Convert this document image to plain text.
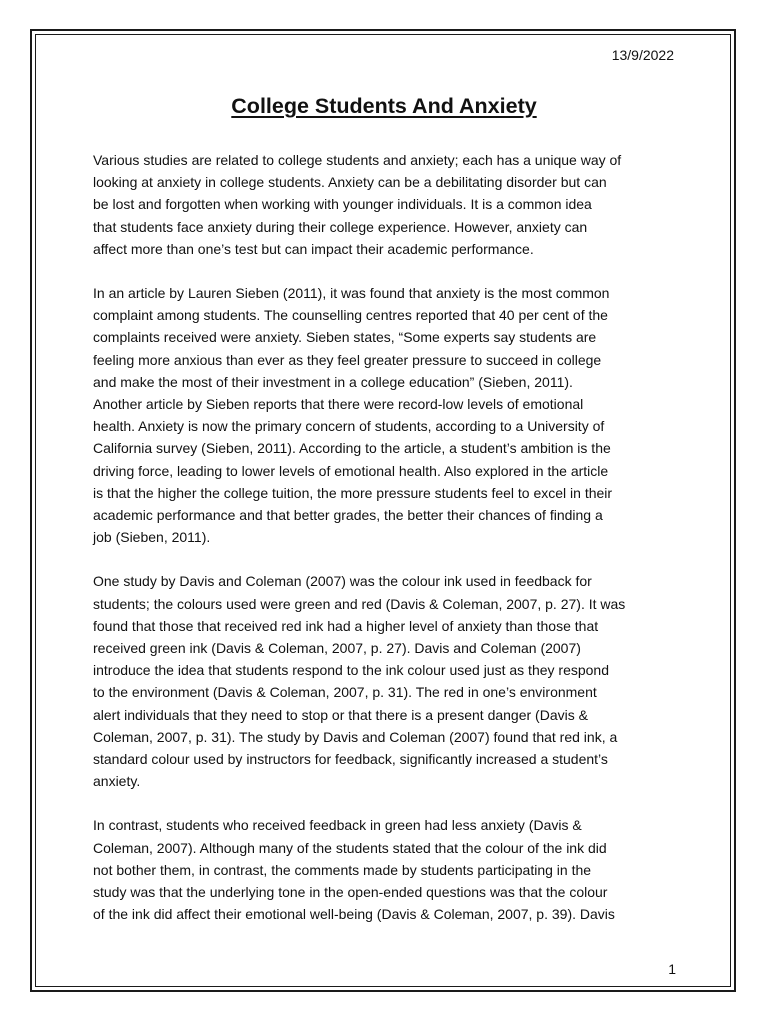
13/9/2022
College Students And Anxiety

Various studies are related to college students and anxiety; each has a unique way of
looking at anxiety in college students. Anxiety can be a debilitating disorder but can
be lost and forgotten when working with younger individuals. It is a common idea
that students face anxiety during their college experience. However, anxiety can
affect more than one’s test but can impact their academic performance.

In an article by Lauren Sieben (2011), it was found that anxiety is the most common
complaint among students. The counselling centres reported that 40 per cent of the
complaints received were anxiety. Sieben states, “Some experts say students are
feeling more anxious than ever as they feel greater pressure to succeed in college
and make the most of their investment in a college education” (Sieben, 2011).
Another article by Sieben reports that there were record-low levels of emotional
health. Anxiety is now the primary concern of students, according to a University of
California survey (Sieben, 2011). According to the article, a student’s ambition is the
driving force, leading to lower levels of emotional health. Also explored in the article
is that the higher the college tuition, the more pressure students feel to excel in their
academic performance and that better grades, the better their chances of finding a
job (Sieben, 2011).

One study by Davis and Coleman (2007) was the colour ink used in feedback for
students; the colours used were green and red (Davis & Coleman, 2007, p. 27). It was
found that those that received red ink had a higher level of anxiety than those that
received green ink (Davis & Coleman, 2007, p. 27). Davis and Coleman (2007)
introduce the idea that students respond to the ink colour used just as they respond
to the environment (Davis & Coleman, 2007, p. 31). The red in one’s environment
alert individuals that they need to stop or that there is a present danger (Davis &
Coleman, 2007, p. 31). The study by Davis and Coleman (2007) found that red ink, a
standard colour used by instructors for feedback, significantly increased a student’s
anxiety.

In contrast, students who received feedback in green had less anxiety (Davis &
Coleman, 2007). Although many of the students stated that the colour of the ink did
not bother them, in contrast, the comments made by students participating in the
study was that the underlying tone in the open-ended questions was that the colour
of the ink did affect their emotional well-being (Davis & Coleman, 2007, p. 39). Davis

1
